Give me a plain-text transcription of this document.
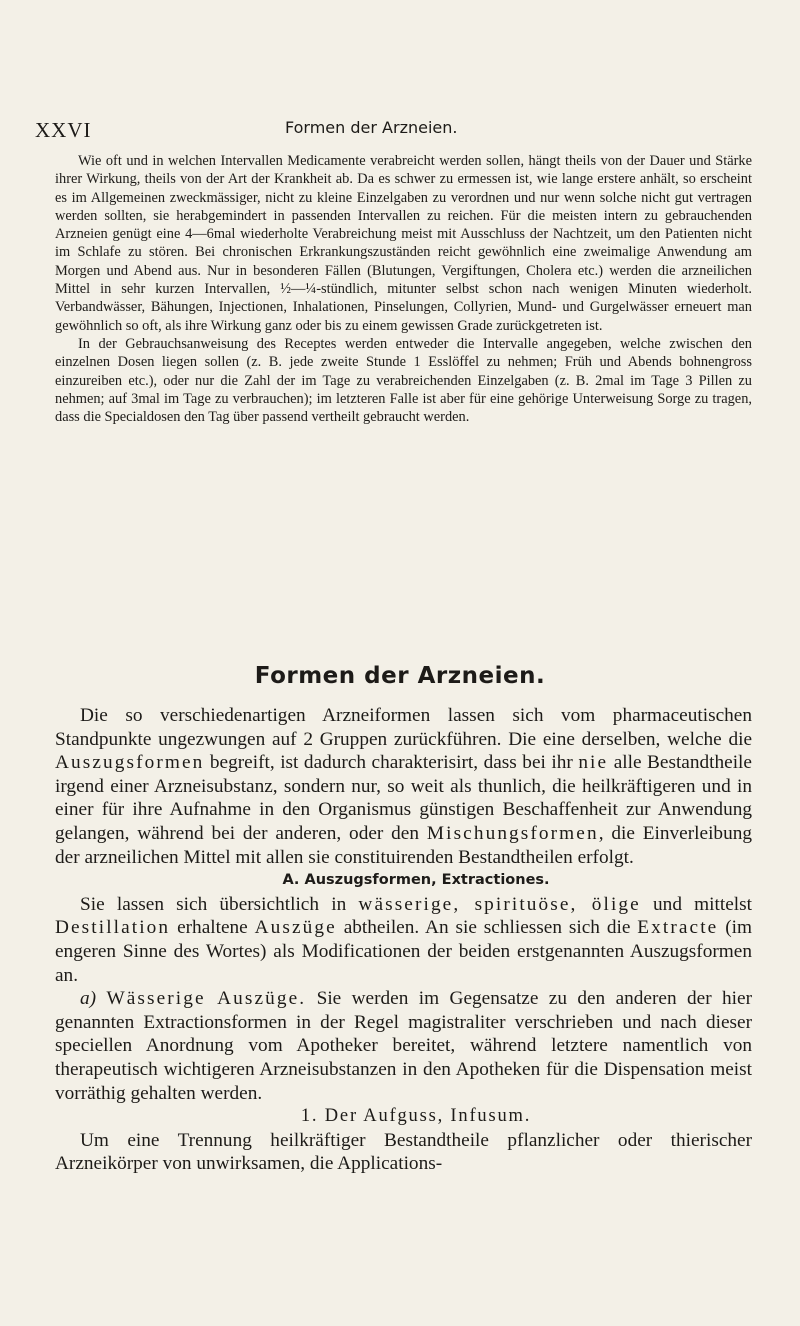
XXVI	Formen der Arzneien.

Wie oft und in welchen Intervallen Medicamente verabreicht werden sollen, hängt theils von der Dauer und Stärke ihrer Wirkung, theils von der Art der Krankheit ab. Da es schwer zu ermessen ist, wie lange erstere anhält, so erscheint es im Allgemeinen zweckmässiger, nicht zu kleine Einzelgaben zu verordnen und nur wenn solche nicht gut vertragen werden sollten, sie herabgemindert in passenden Intervallen zu reichen. Für die meisten intern zu gebrauchenden Arzneien genügt eine 4—6mal wiederholte Verabreichung meist mit Ausschluss der Nachtzeit, um den Patienten nicht im Schlafe zu stören. Bei chronischen Erkrankungszuständen reicht gewöhnlich eine zweimalige Anwendung am Morgen und Abend aus. Nur in besonderen Fällen (Blutungen, Vergiftungen, Cholera etc.) werden die arzneilichen Mittel in sehr kurzen Intervallen, ½—¼-stündlich, mitunter selbst schon nach wenigen Minuten wiederholt. Verbandwässer, Bähungen, Injectionen, Inhalationen, Pinselungen, Collyrien, Mund- und Gurgelwässer erneuert man gewöhnlich so oft, als ihre Wirkung ganz oder bis zu einem gewissen Grade zurückgetreten ist.

In der Gebrauchsanweisung des Receptes werden entweder die Intervalle angegeben, welche zwischen den einzelnen Dosen liegen sollen (z. B. jede zweite Stunde 1 Esslöffel zu nehmen; Früh und Abends bohnengross einzureiben etc.), oder nur die Zahl der im Tage zu verabreichenden Einzelgaben (z. B. 2mal im Tage 3 Pillen zu nehmen; auf 3mal im Tage zu verbrauchen); im letzteren Falle ist aber für eine gehörige Unterweisung Sorge zu tragen, dass die Specialdosen den Tag über passend vertheilt gebraucht werden.

Formen der Arzneien.

Die so verschiedenartigen Arzneiformen lassen sich vom pharmaceutischen Standpunkte ungezwungen auf 2 Gruppen zurückführen. Die eine derselben, welche die Auszugsformen begreift, ist dadurch charakterisirt, dass bei ihr nie alle Bestandtheile irgend einer Arzneisubstanz, sondern nur, so weit als thunlich, die heilkräftigeren und in einer für ihre Aufnahme in den Organismus günstigen Beschaffenheit zur Anwendung gelangen, während bei der anderen, oder den Mischungsformen, die Einverleibung der arzneilichen Mittel mit allen sie constituirenden Bestandtheilen erfolgt.

A. Auszugsformen, Extractiones.

Sie lassen sich übersichtlich in wässerige, spirituöse, ölige und mittelst Destillation erhaltene Auszüge abtheilen. An sie schliessen sich die Extracte (im engeren Sinne des Wortes) als Modificationen der beiden erstgenannten Auszugsformen an.

a) Wässerige Auszüge. Sie werden im Gegensatze zu den anderen der hier genannten Extractionsformen in der Regel magistraliter verschrieben und nach dieser speciellen Anordnung vom Apotheker bereitet, während letztere namentlich von therapeutisch wichtigeren Arzneisubstanzen in den Apotheken für die Dispensation meist vorräthig gehalten werden.

1. Der Aufguss, Infusum.

Um eine Trennung heilkräftiger Bestandtheile pflanzlicher oder thierischer Arzneikörper von unwirksamen, die Applications-
